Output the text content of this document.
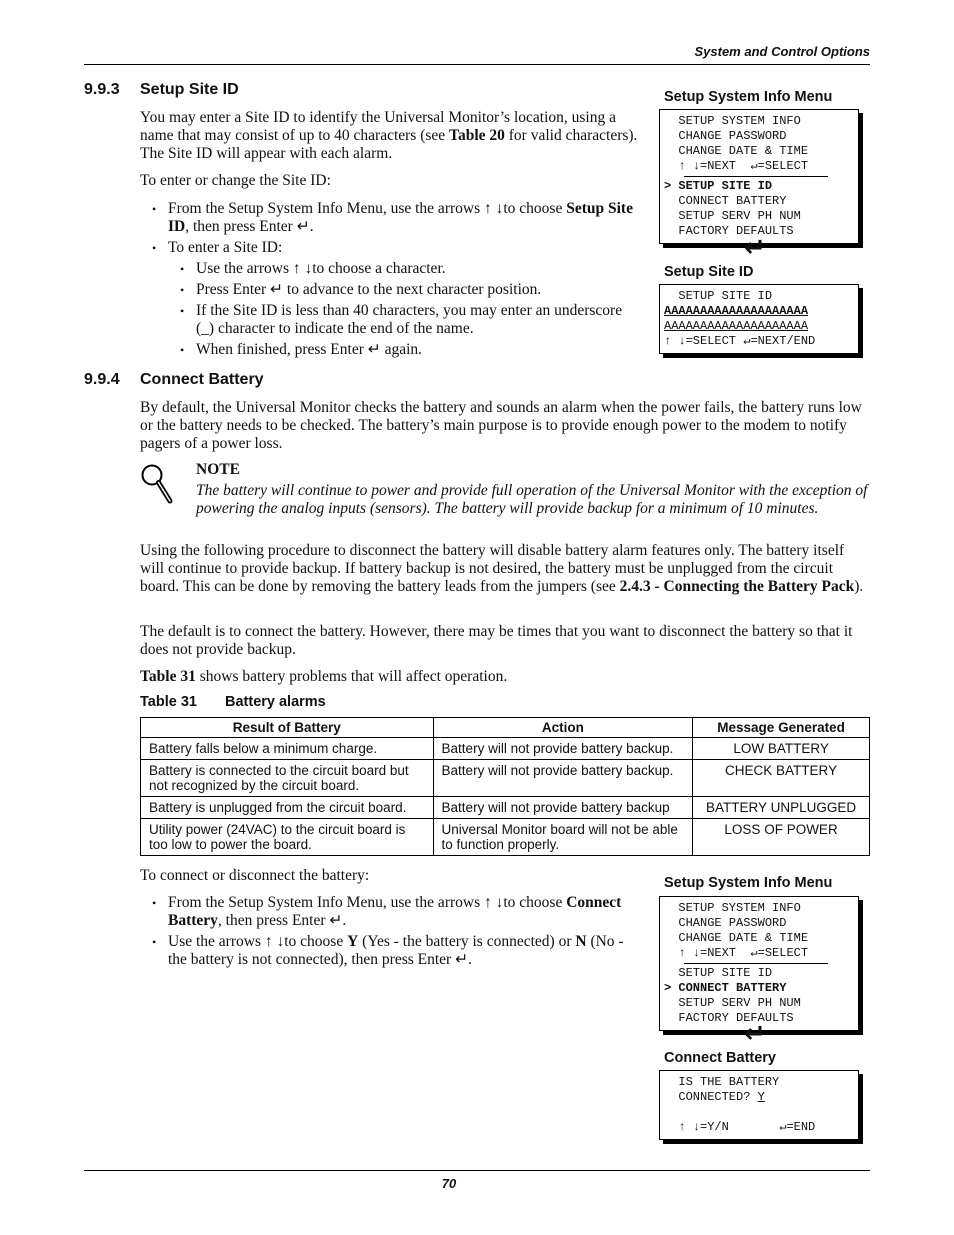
System and Control Options
70
9.9.3 Setup Site ID
You may enter a Site ID to identify the Universal Monitor’s location, using a name that may consist of up to 40 characters (see Table 20 for valid characters). The Site ID will appear with each alarm.
To enter or change the Site ID:
• From the Setup System Info Menu, use the arrows ↑ ↓to choose Setup Site ID, then press Enter ↵.
• To enter a Site ID:
• Use the arrows ↑ ↓to choose a character.
• Press Enter ↵ to advance to the next character position.
• If the Site ID is less than 40 characters, you may enter an underscore (_) character to indicate the end of the name.
• When finished, press Enter ↵ again.
Setup System Info Menu
SETUP SYSTEM INFO
CHANGE PASSWORD
CHANGE DATE & TIME
↑ ↓=NEXT  ↵=SELECT
> SETUP SITE ID
CONNECT BATTERY
SETUP SERV PH NUM
FACTORY DEFAULTS
↵
Setup Site ID
SETUP SITE ID
AAAAAAAAAAAAAAAAAAAA
AAAAAAAAAAAAAAAAAAAA
↑ ↓=SELECT ↵=NEXT/END
9.9.4 Connect Battery
By default, the Universal Monitor checks the battery and sounds an alarm when the power fails, the battery runs low or the battery needs to be checked. The battery’s main purpose is to provide enough power to the modem to notify pagers of a power loss.
NOTE
The battery will continue to power and provide full operation of the Universal Monitor with the exception of powering the analog inputs (sensors). The battery will provide backup for a minimum of 10 minutes.
Using the following procedure to disconnect the battery will disable battery alarm features only. The battery itself will continue to provide backup. If battery backup is not desired, the battery must be unplugged from the circuit board. This can be done by removing the battery leads from the jumpers (see 2.4.3 - Connecting the Battery Pack).
The default is to connect the battery. However, there may be times that you want to disconnect the battery so that it does not provide backup.
Table 31 shows battery problems that will affect operation.
Table 31 Battery alarms
Result of Battery	Action	Message Generated
Battery falls below a minimum charge.	Battery will not provide battery backup.	LOW BATTERY
Battery is connected to the circuit board but not recognized by the circuit board.	Battery will not provide battery backup.	CHECK BATTERY
Battery is unplugged from the circuit board.	Battery will not provide battery backup	BATTERY UNPLUGGED
Utility power (24VAC) to the circuit board is too low to power the board.	Universal Monitor board will not be able to function properly.	LOSS OF POWER
To connect or disconnect the battery:
• From the Setup System Info Menu, use the arrows ↑ ↓to choose Connect Battery, then press Enter ↵.
• Use the arrows ↑ ↓to choose Y (Yes - the battery is connected) or N (No - the battery is not connected), then press Enter ↵.
Setup System Info Menu
SETUP SYSTEM INFO
CHANGE PASSWORD
CHANGE DATE & TIME
↑ ↓=NEXT  ↵=SELECT
SETUP SITE ID
> CONNECT BATTERY
SETUP SERV PH NUM
FACTORY DEFAULTS
↵
Connect Battery
IS THE BATTERY
CONNECTED? Y
↑ ↓=Y/N       ↵=END
